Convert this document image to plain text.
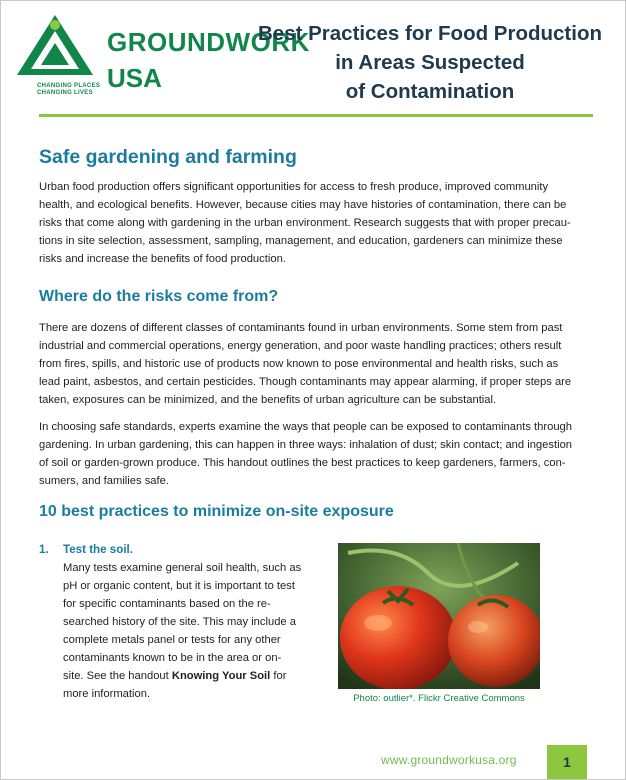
GROUNDWORK
USA
CHANGING PLACES
CHANGING LIVES
Best Practices for Food Production
in Areas Suspected
of Contamination
Safe gardening and farming
Urban food production offers significant opportunities for access to fresh produce, improved community
health, and ecological benefits. However, because cities may have histories of contamination, there can be
risks that come along with gardening in the urban environment. Research suggests that with proper precau-
tions in site selection, assessment, sampling, management, and education, gardeners can minimize these
risks and increase the benefits of food production.
Where do the risks come from?
There are dozens of different classes of contaminants found in urban environments. Some stem from past
industrial and commercial operations, energy generation, and poor waste handling practices; others result
from fires, spills, and historic use of products now known to pose environmental and health risks, such as
lead paint, asbestos, and certain pesticides. Though contaminants may appear alarming, if proper steps are
taken, exposures can be minimized, and the benefits of urban agriculture can be substantial.
In choosing safe standards, experts examine the ways that people can be exposed to contaminants through
gardening. In urban gardening, this can happen in three ways: inhalation of dust; skin contact; and ingestion
of soil or garden-grown produce. This handout outlines the best practices to keep gardeners, farmers, con-
sumers, and families safe.
10 best practices to minimize on-site exposure
1. Test the soil.
Many tests examine general soil health, such as
pH or organic content, but it is important to test
for specific contaminants based on the re-
searched history of the site. This may include a
complete metals panel or tests for any other
contaminants known to be in the area or on-
site. See the handout Knowing Your Soil for
more information.	Photo: outlier*. Flickr Creative Commons
www.groundworkusa.org	1
